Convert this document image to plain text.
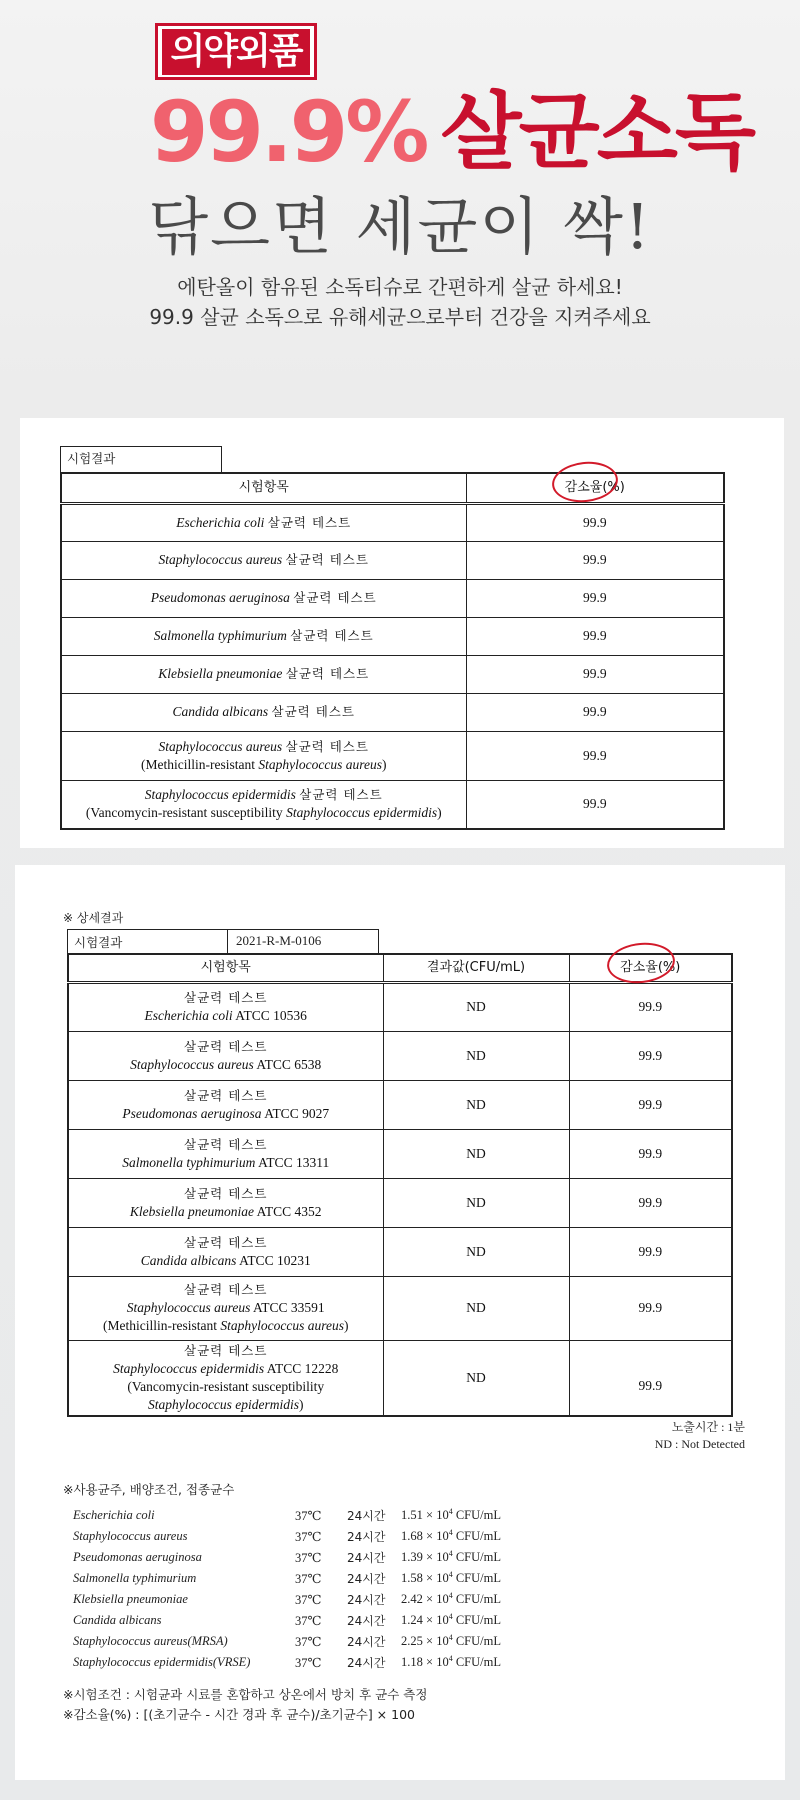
의약외품
99.9% 살균소독
닦으면 세균이 싹!
에탄올이 함유된 소독티슈로 간편하게 살균 하세요!
99.9 살균 소독으로 유해세균으로부터 건강을 지켜주세요
시험결과
시험항목	감소율(%)

Escherichia coli 살균력 테스트	99.9

Staphylococcus aureus 살균력 테스트	99.9

Pseudomonas aeruginosa 살균력 테스트	99.9

Salmonella typhimurium 살균력 테스트	99.9

Klebsiella pneumoniae 살균력 테스트	99.9

Candida albicans 살균력 테스트	99.9

Staphylococcus aureus 살균력 테스트
(Methicillin-resistant Staphylococcus aureus)	99.9

Staphylococcus epidermidis 살균력 테스트
(Vancomycin-resistant susceptibility Staphylococcus epidermidis)	99.9
※ 상세결과
시험결과	2021-R-M-0106
시험항목	결과값(CFU/mL)	감소율(%)

살균력 테스트
Escherichia coli ATCC 10536	ND	99.9

살균력 테스트
Staphylococcus aureus ATCC 6538	ND	99.9

살균력 테스트
Pseudomonas aeruginosa ATCC 9027	ND	99.9

살균력 테스트
Salmonella typhimurium ATCC 13311	ND	99.9

살균력 테스트
Klebsiella pneumoniae ATCC 4352	ND	99.9

살균력 테스트
Candida albicans ATCC 10231	ND	99.9

살균력 테스트
Staphylococcus aureus ATCC 33591
(Methicillin-resistant Staphylococcus aureus)	ND	99.9

살균력 테스트
Staphylococcus epidermidis ATCC 12228
(Vancomycin-resistant susceptibility
Staphylococcus epidermidis)	ND	99.9
노출시간 : 1분
ND : Not Detected
※사용균주, 배양조건, 접종균수
Escherichia coli	37℃	24시간	$1.51 \times 10^4$ CFU/mL
Staphylococcus aureus	37℃	24시간	$1.68 \times 10^4$ CFU/mL
Pseudomonas aeruginosa	37℃	24시간	$1.39 \times 10^4$ CFU/mL
Salmonella typhimurium	37℃	24시간	$1.58 \times 10^4$ CFU/mL
Klebsiella pneumoniae	37℃	24시간	$2.42 \times 10^4$ CFU/mL
Candida albicans	37℃	24시간	$1.24 \times 10^4$ CFU/mL
Staphylococcus aureus(MRSA)	37℃	24시간	$2.25 \times 10^4$ CFU/mL
Staphylococcus epidermidis(VRSE)	37℃	24시간	$1.18 \times 10^4$ CFU/mL
※시험조건 : 시험균과 시료를 혼합하고 상온에서 방치 후 균수 측정
※감소율(%) : [(초기균수 - 시간 경과 후 균수)/초기균수] × 100
